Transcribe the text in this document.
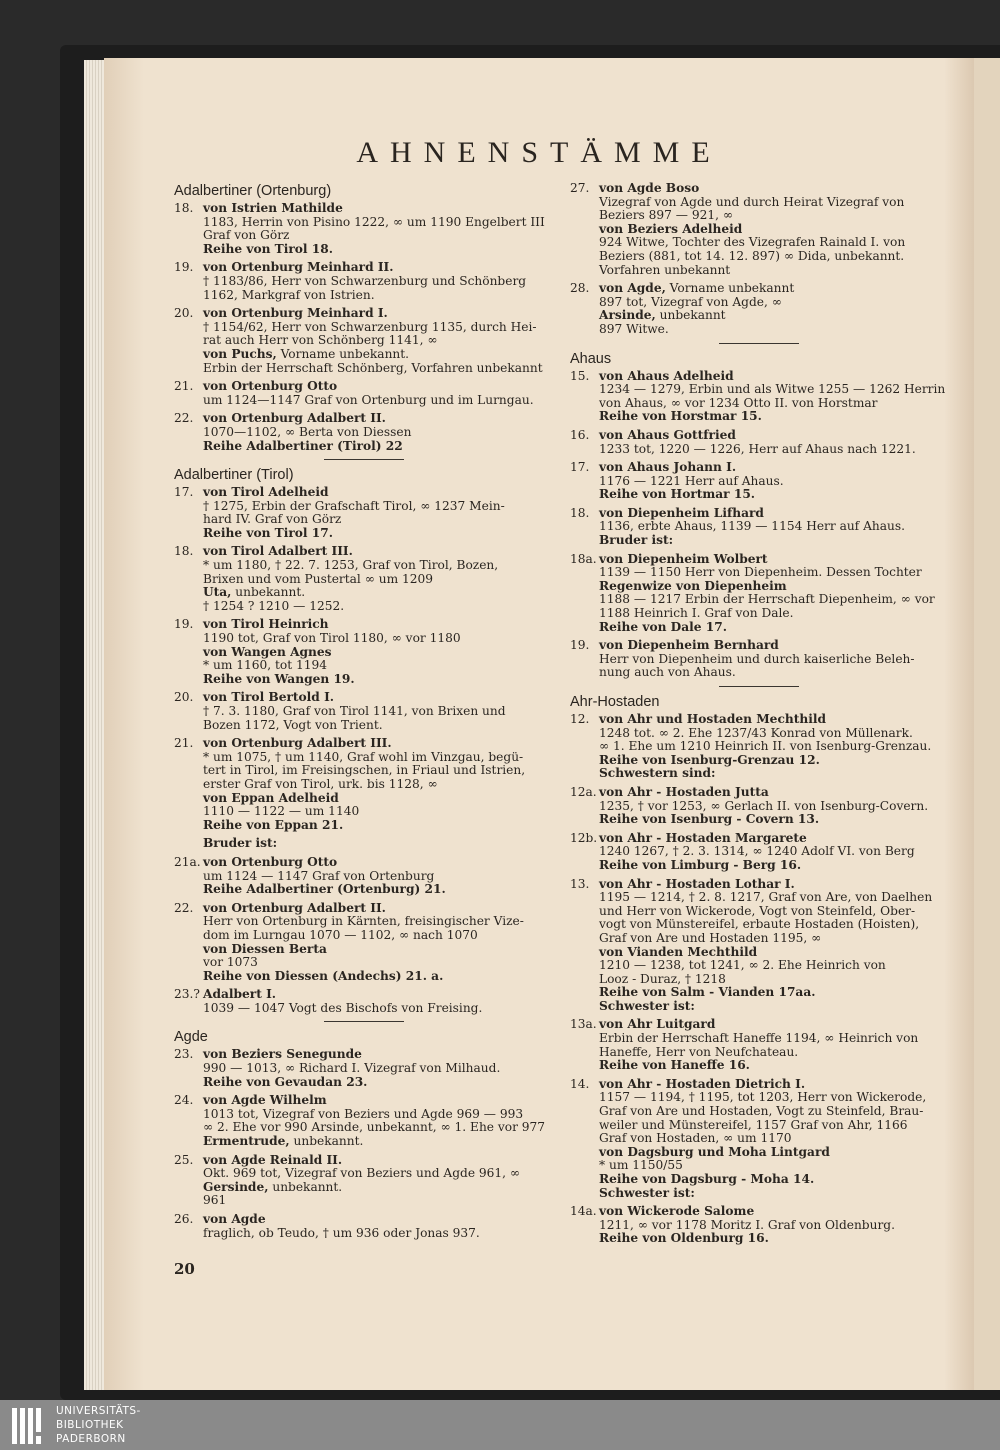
AHNENSTÄMME
Adalbertiner (Ortenburg)
18. von Istrien Mathilde
1183, Herrin von Pisino 1222, ∞ um 1190 Engelbert III
Graf von Görz
Reihe von Tirol 18.
19. von Ortenburg Meinhard II.
† 1183/86, Herr von Schwarzenburg und Schönberg
1162, Markgraf von Istrien.
20. von Ortenburg Meinhard I.
† 1154/62, Herr von Schwarzenburg 1135, durch Hei-
rat auch Herr von Schönberg 1141, ∞
von Puchs, Vorname unbekannt.
Erbin der Herrschaft Schönberg, Vorfahren unbekannt
21. von Ortenburg Otto
um 1124—1147 Graf von Ortenburg und im Lurngau.
22. von Ortenburg Adalbert II.
1070—1102, ∞ Berta von Diessen
Reihe Adalbertiner (Tirol) 22
Adalbertiner (Tirol)
17. von Tirol Adelheid
† 1275, Erbin der Grafschaft Tirol, ∞ 1237 Mein-
hard IV. Graf von Görz
Reihe von Tirol 17.
18. von Tirol Adalbert III.
* um 1180, † 22. 7. 1253, Graf von Tirol, Bozen,
Brixen und vom Pustertal ∞ um 1209
Uta, unbekannt.
† 1254 ? 1210 — 1252.
19. von Tirol Heinrich
1190 tot, Graf von Tirol 1180, ∞ vor 1180
von Wangen Agnes
* um 1160, tot 1194
Reihe von Wangen 19.
20. von Tirol Bertold I.
† 7. 3. 1180, Graf von Tirol 1141, von Brixen und
Bozen 1172, Vogt von Trient.
21. von Ortenburg Adalbert III.
* um 1075, † um 1140, Graf wohl im Vinzgau, begü-
tert in Tirol, im Freisingschen, in Friaul und Istrien,
erster Graf von Tirol, urk. bis 1128, ∞
von Eppan Adelheid
1110 — 1122 — um 1140
Reihe von Eppan 21.
Bruder ist:
21a. von Ortenburg Otto
um 1124 — 1147 Graf von Ortenburg
Reihe Adalbertiner (Ortenburg) 21.
22. von Ortenburg Adalbert II.
Herr von Ortenburg in Kärnten, freisingischer Vize-
dom im Lurngau 1070 — 1102, ∞ nach 1070
von Diessen Berta
vor 1073
Reihe von Diessen (Andechs) 21. a.
23.? Adalbert I.
1039 — 1047 Vogt des Bischofs von Freising.
Agde
23. von Beziers Senegunde
990 — 1013, ∞ Richard I. Vizegraf von Milhaud.
Reihe von Gevaudan 23.
24. von Agde Wilhelm
1013 tot, Vizegraf von Beziers und Agde 969 — 993
∞ 2. Ehe vor 990 Arsinde, unbekannt, ∞ 1. Ehe vor 977
Ermentrude, unbekannt.
25. von Agde Reinald II.
Okt. 969 tot, Vizegraf von Beziers und Agde 961, ∞
Gersinde, unbekannt.
961
26. von Agde
fraglich, ob Teudo, † um 936 oder Jonas 937.
27. von Agde Boso
Vizegraf von Agde und durch Heirat Vizegraf von
Beziers 897 — 921, ∞
von Beziers Adelheid
924 Witwe, Tochter des Vizegrafen Rainald I. von
Beziers (881, tot 14. 12. 897) ∞ Dida, unbekannt.
Vorfahren unbekannt
28. von Agde, Vorname unbekannt
897 tot, Vizegraf von Agde, ∞
Arsinde, unbekannt
897 Witwe.
Ahaus
15. von Ahaus Adelheid
1234 — 1279, Erbin und als Witwe 1255 — 1262 Herrin
von Ahaus, ∞ vor 1234 Otto II. von Horstmar
Reihe von Horstmar 15.
16. von Ahaus Gottfried
1233 tot, 1220 — 1226, Herr auf Ahaus nach 1221.
17. von Ahaus Johann I.
1176 — 1221 Herr auf Ahaus.
Reihe von Hortmar 15.
18. von Diepenheim Lifhard
1136, erbte Ahaus, 1139 — 1154 Herr auf Ahaus.
Bruder ist:
18a. von Diepenheim Wolbert
1139 — 1150 Herr von Diepenheim. Dessen Tochter
Regenwize von Diepenheim
1188 — 1217 Erbin der Herrschaft Diepenheim, ∞ vor
1188 Heinrich I. Graf von Dale.
Reihe von Dale 17.
19. von Diepenheim Bernhard
Herr von Diepenheim und durch kaiserliche Beleh-
nung auch von Ahaus.
Ahr-Hostaden
12. von Ahr und Hostaden Mechthild
1248 tot. ∞ 2. Ehe 1237/43 Konrad von Müllenark.
∞ 1. Ehe um 1210 Heinrich II. von Isenburg-Grenzau.
Reihe von Isenburg-Grenzau 12.
Schwestern sind:
12a. von Ahr - Hostaden Jutta
1235, † vor 1253, ∞ Gerlach II. von Isenburg-Covern.
Reihe von Isenburg - Covern 13.
12b. von Ahr - Hostaden Margarete
1240 1267, † 2. 3. 1314, ∞ 1240 Adolf VI. von Berg
Reihe von Limburg - Berg 16.
13. von Ahr - Hostaden Lothar I.
1195 — 1214, † 2. 8. 1217, Graf von Are, von Daelhen
und Herr von Wickerode, Vogt von Steinfeld, Ober-
vogt von Münstereifel, erbaute Hostaden (Hoisten),
Graf von Are und Hostaden 1195, ∞
von Vianden Mechthild
1210 — 1238, tot 1241, ∞ 2. Ehe Heinrich von
Looz - Duraz, † 1218
Reihe von Salm - Vianden 17aa.
Schwester ist:
13a. von Ahr Luitgard
Erbin der Herrschaft Haneffe 1194, ∞ Heinrich von
Haneffe, Herr von Neufchateau.
Reihe von Haneffe 16.
14. von Ahr - Hostaden Dietrich I.
1157 — 1194, † 1195, tot 1203, Herr von Wickerode,
Graf von Are und Hostaden, Vogt zu Steinfeld, Brau-
weiler und Münstereifel, 1157 Graf von Ahr, 1166
Graf von Hostaden, ∞ um 1170
von Dagsburg und Moha Lintgard
* um 1150/55
Reihe von Dagsburg - Moha 14.
Schwester ist:
14a. von Wickerode Salome
1211, ∞ vor 1178 Moritz I. Graf von Oldenburg.
Reihe von Oldenburg 16.
20
UNIVERSITÄTS-
BIBLIOTHEK
PADERBORN
